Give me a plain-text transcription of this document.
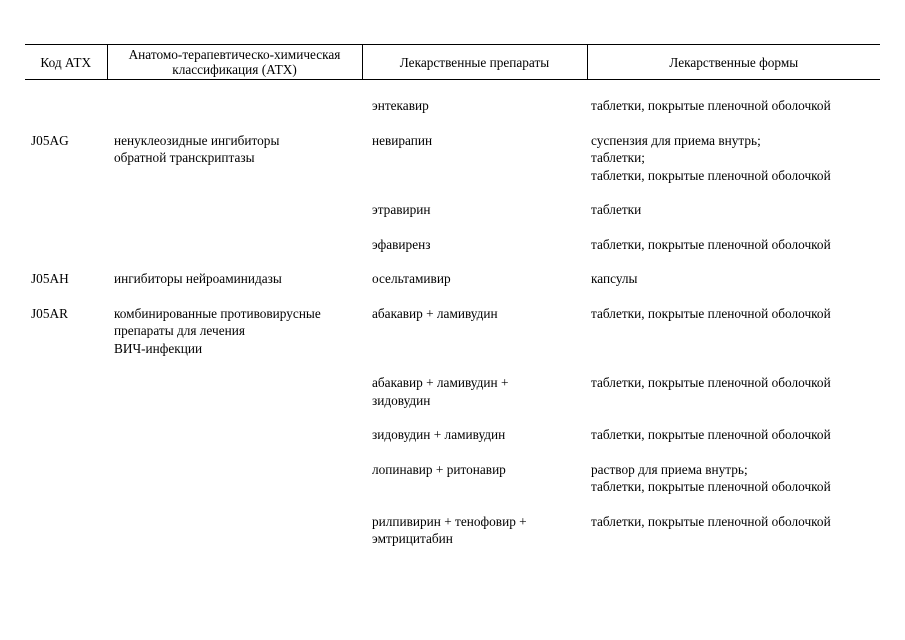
Код АТХ	Анатомо-терапевтическо-химическая
классификация (АТХ)	Лекарственные препараты	Лекарственные формы

		энтекавир	таблетки, покрытые пленочной оболочкой

J05AG	ненуклеозидные ингибиторы
обратной транскриптазы	невирапин	суспензия для приема внутрь;
таблетки;
таблетки, покрытые пленочной оболочкой

		этравирин	таблетки

		эфавиренз	таблетки, покрытые пленочной оболочкой

J05AH	ингибиторы нейроаминидазы	осельтамивир	капсулы

J05AR	комбинированные противовирусные
препараты для лечения
ВИЧ-инфекции	абакавир + ламивудин	таблетки, покрытые пленочной оболочкой

		абакавир + ламивудин +
зидовудин	таблетки, покрытые пленочной оболочкой

		зидовудин + ламивудин	таблетки, покрытые пленочной оболочкой

		лопинавир + ритонавир	раствор для приема внутрь;
таблетки, покрытые пленочной оболочкой

		рилпивирин + тенофовир +
эмтрицитабин	таблетки, покрытые пленочной оболочкой
